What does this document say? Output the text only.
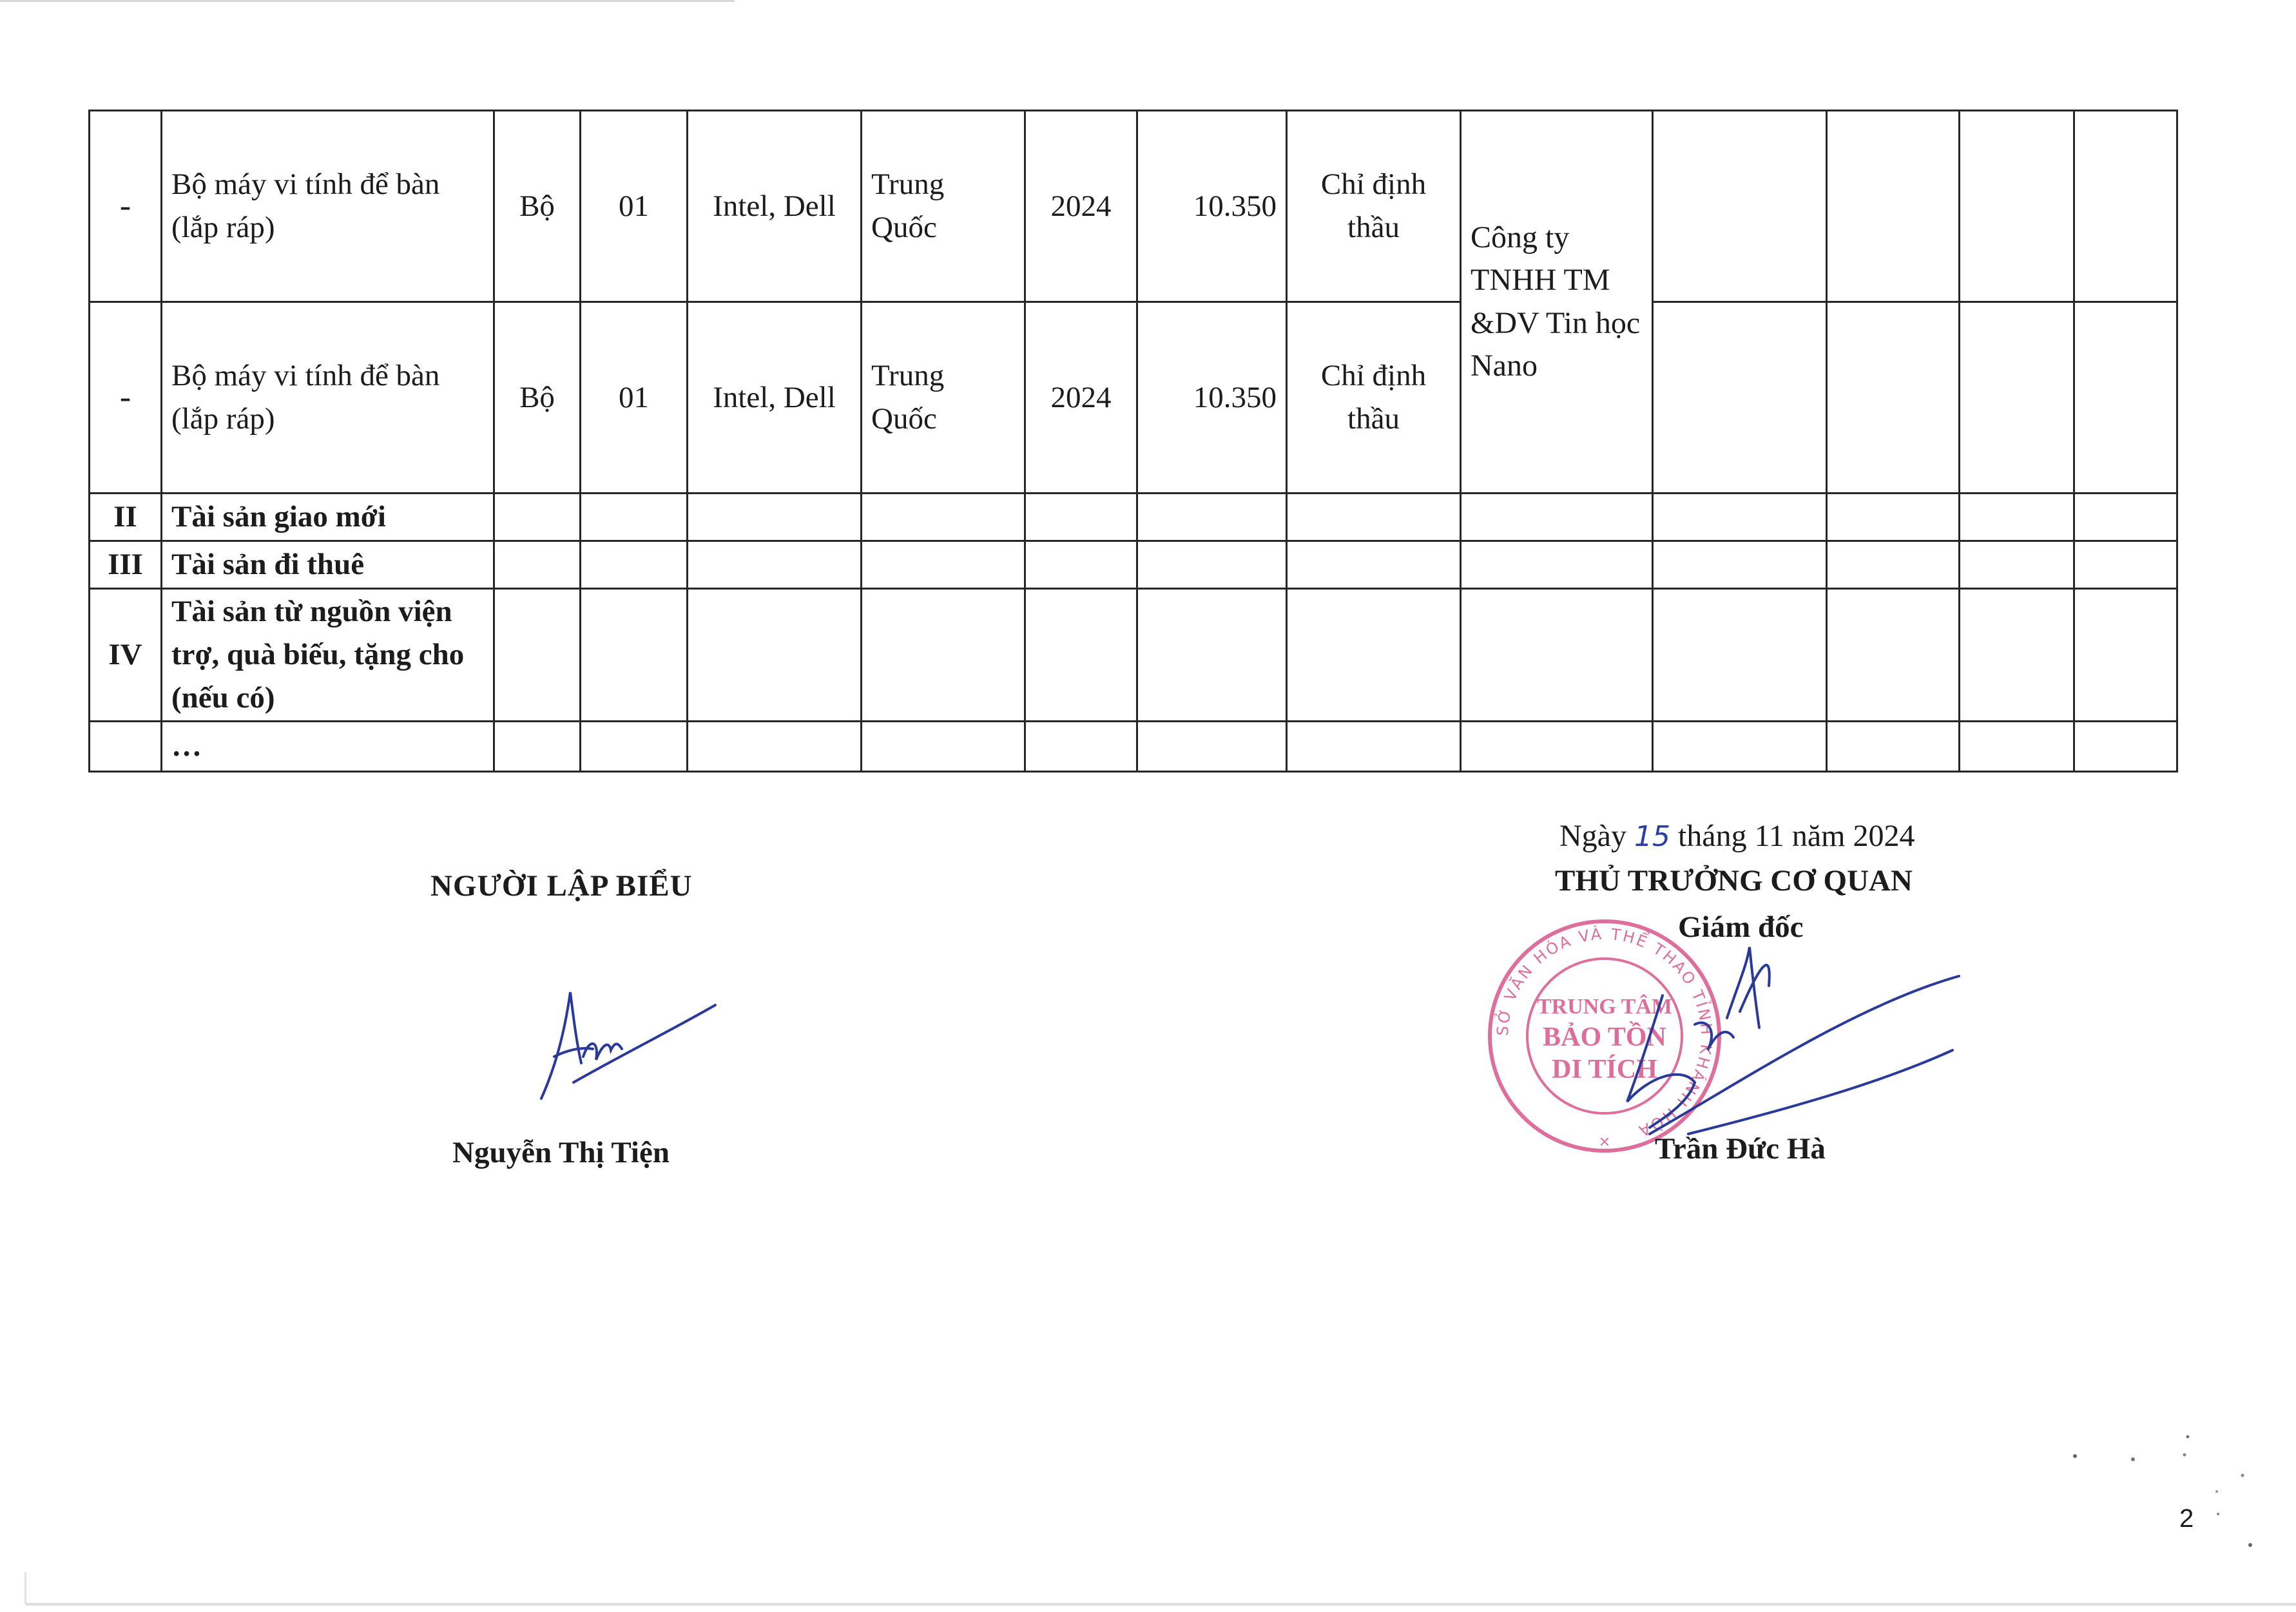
-	Bộ máy vi tính để bàn (lắp ráp)	Bộ	01	Intel, Dell	Trung Quốc	2024	10.350	Chỉ định thầu	Công ty TNHH TM &DV Tin học Nano				
-	Bộ máy vi tính để bàn (lắp ráp)	Bộ	01	Intel, Dell	Trung Quốc	2024	10.350	Chỉ định thầu					
II	Tài sản giao mới												
III	Tài sản đi thuê												
IV	Tài sản từ nguồn viện trợ, quà biếu, tặng cho (nếu có)												
	…												
Ngày 15 tháng 11 năm 2024
NGƯỜI LẬP BIỂU	THỦ TRƯỞNG CƠ QUAN
Giám đốc
Nguyễn Thị Tiện
SỞ VĂN HÓA VÀ THỂ THAO TỈNH KHÁNH HÒA
TRUNG TÂM
BẢO TỒN
DI TÍCH
✕ Trần Đức Hà
2
